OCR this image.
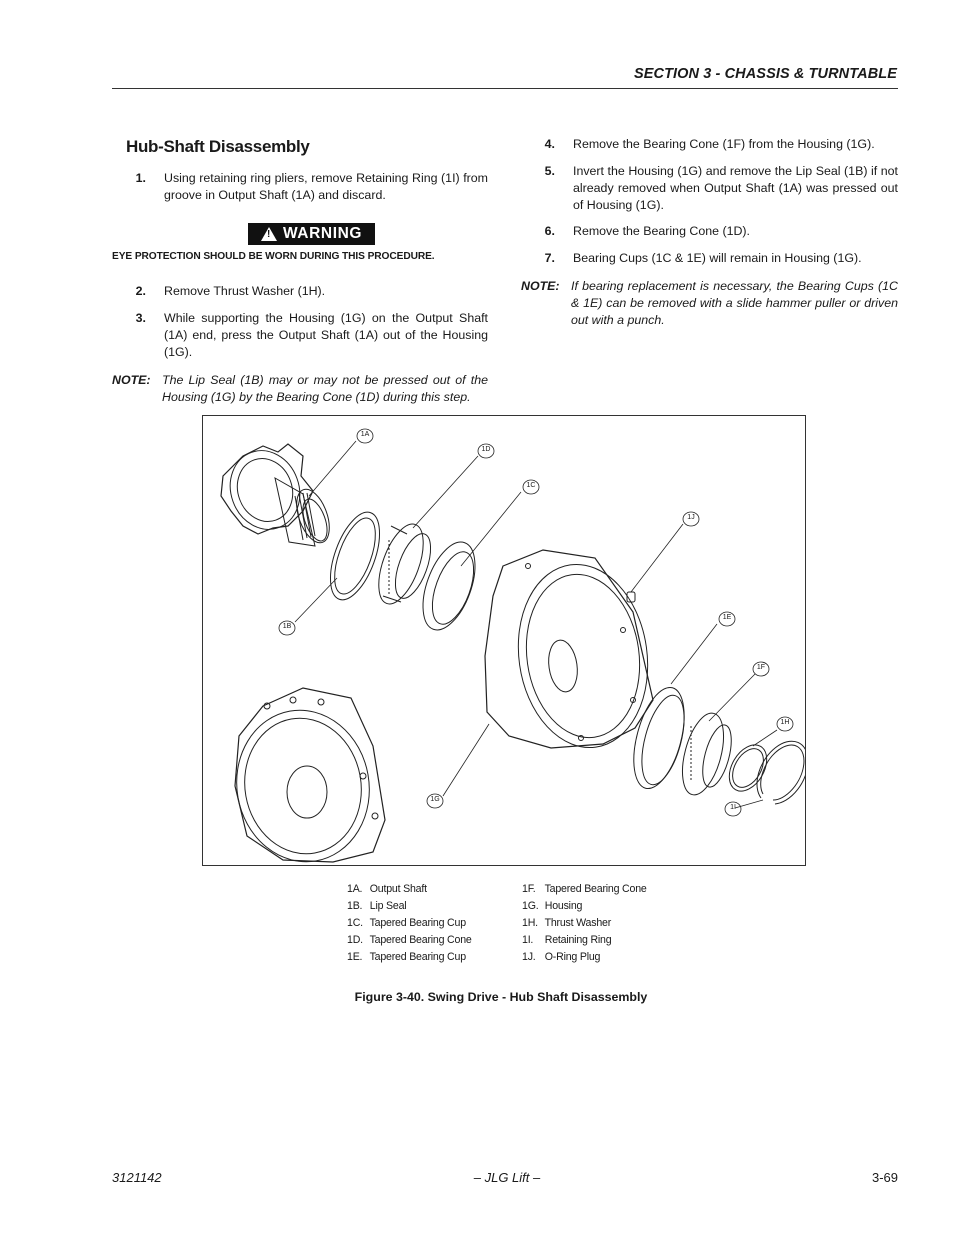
SECTION 3 - CHASSIS & TURNTABLE
Hub-Shaft Disassembly
1. Using retaining ring pliers, remove Retaining Ring (1I) from groove in Output Shaft (1A) and discard.
! WARNING
EYE PROTECTION SHOULD BE WORN DURING THIS PROCEDURE.
2. Remove Thrust Washer (1H).
3. While supporting the Housing (1G) on the Output Shaft (1A) end, press the Output Shaft (1A) out of the Housing (1G).
NOTE: The Lip Seal (1B) may or may not be pressed out of the Housing (1G) by the Bearing Cone (1D) during this step.
4. Remove the Bearing Cone (1F) from the Housing (1G).
5. Invert the Housing (1G) and remove the Lip Seal (1B) if not already removed when Output Shaft (1A) was pressed out of Housing (1G).
6. Remove the Bearing Cone (1D).
7. Bearing Cups (1C & 1E) will remain in Housing (1G).
NOTE: If bearing replacement is necessary, the Bearing Cups (1C & 1E) can be removed with a slide hammer puller or driven out with a punch.
1A
1D
1C
1J
1E
1F
1H
1I
1B
1G
1A. Output Shaft
1B. Lip Seal
1C. Tapered Bearing Cup
1D. Tapered Bearing Cone
1E. Tapered Bearing Cup
1F. Tapered Bearing Cone
1G. Housing
1H. Thrust Washer
1I. Retaining Ring
1J. O-Ring Plug
Figure 3-40. Swing Drive - Hub Shaft Disassembly
3121142	– JLG Lift –	3-69
